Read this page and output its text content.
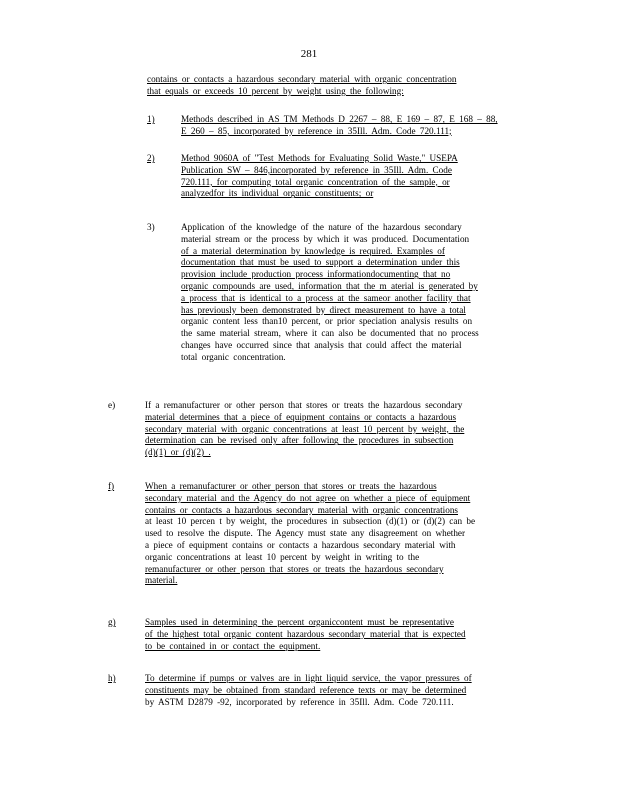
281
contains or contacts a hazardous secondary material with organic concentration
that equals or exceeds 10 percent by weight using the following:
1)	Methods described in AS TM Methods D 2267 – 88, E 169 – 87, E 168 – 88,
E 260 – 85, incorporated by reference in 35Ill. Adm. Code 720.111;
2)	Method 9060A of "Test Methods for Evaluating Solid Waste," USEPA
Publication SW – 846,incorporated by reference in 35Ill. Adm. Code
720.111, for computing total organic concentration of the sample, or
analyzedfor its individual organic constituents; or
3)	Application of the knowledge of the nature of the hazardous secondary
material stream or the process by which it was produced. Documentation
of a material determination by knowledge is required. Examples of
documentation that must be used to support a determination under this
provision include production process informationdocumenting that no
organic compounds are used, information that the m aterial is generated by
a process that is identical to a process at the sameor another facility that
has previously been demonstrated by direct measurement to have a total
organic content less than10 percent, or prior speciation analysis results on
the same material stream, where it can also be documented that no process
changes have occurred since that analysis that could affect the material
total organic concentration.
e)	If a remanufacturer or other person that stores or treats the hazardous secondary
material determines that a piece of equipment contains or contacts a hazardous
secondary material with organic concentrations at least 10 percent by weight, the
determination can be revised only after following the procedures in subsection
(d)(1) or (d)(2) .
f)	When a remanufacturer or other person that stores or treats the hazardous
secondary material and the Agency do not agree on whether a piece of equipment
contains or contacts a hazardous secondary material with organic concentrations
at least 10 percen t by weight, the procedures in subsection (d)(1) or (d)(2) can be
used to resolve the dispute. The Agency must state any disagreement on whether
a piece of equipment contains or contacts a hazardous secondary material with
organic concentrations at least 10 percent by weight in writing to the
remanufacturer or other person that stores or treats the hazardous secondary
material.
g)	Samples used in determining the percent organiccontent must be representative
of the highest total organic content hazardous secondary material that is expected
to be contained in or contact the equipment.
h)	To determine if pumps or valves are in light liquid service, the vapor pressures of
constituents may be obtained from standard reference texts or may be determined
by ASTM D2879 -92, incorporated by reference in 35Ill. Adm. Code 720.111.
